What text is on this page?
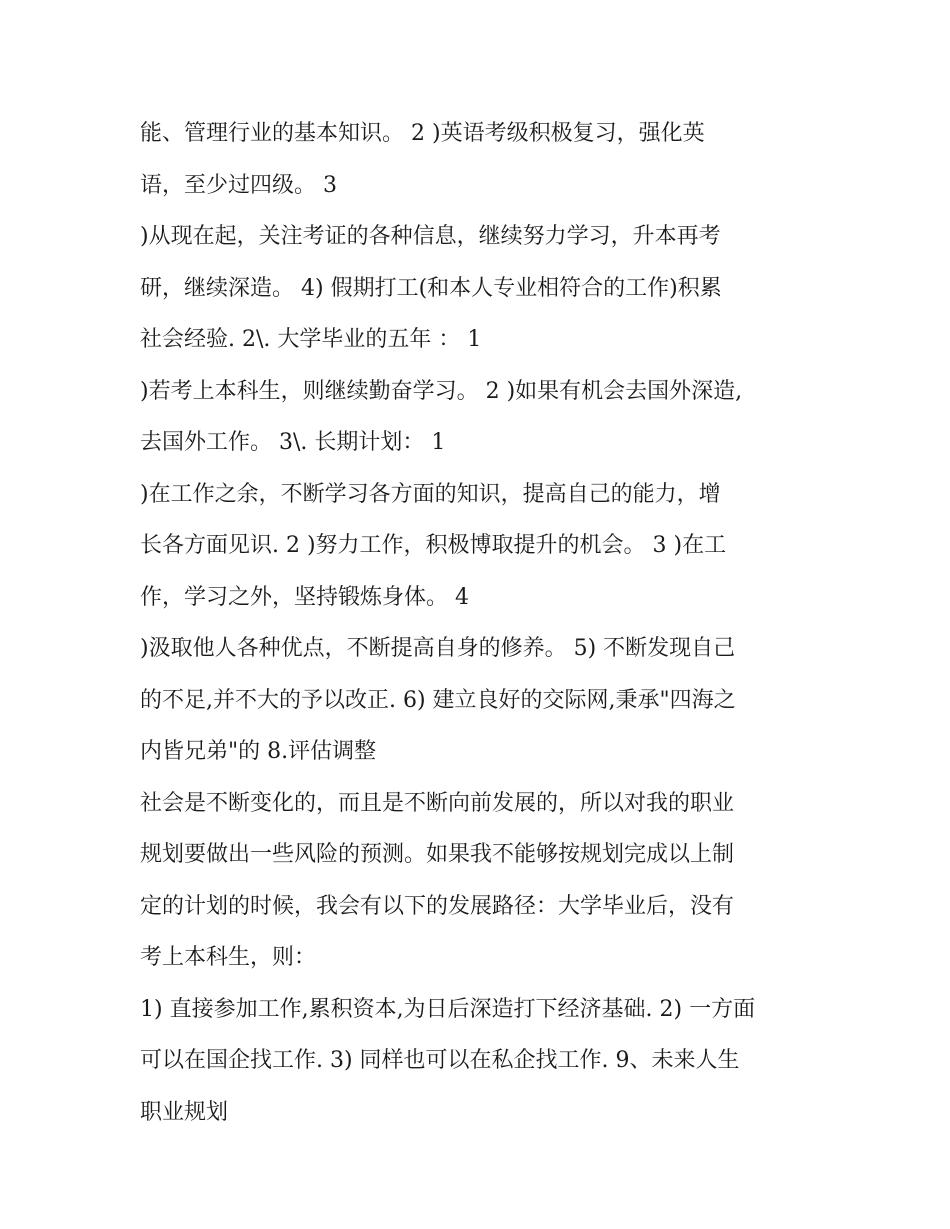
能、管理行业的基本知识。 2 )英语考级积极复习，强化英
语，至少过四级。 3
)从现在起，关注考证的各种信息，继续努力学习，升本再考
研，继续深造。 4) 假期打工(和本人专业相符合的工作)积累
社会经验. 2\. 大学毕业的五年 ： 1
)若考上本科生，则继续勤奋学习。 2 )如果有机会去国外深造,
去国外工作。 3\. 长期计划： 1
)在工作之余，不断学习各方面的知识，提高自己的能力，增
长各方面见识. 2 )努力工作，积极博取提升的机会。 3 )在工
作，学习之外，坚持锻炼身体。 4
)汲取他人各种优点，不断提高自身的修养。 5) 不断发现自己
的不足,并不大的予以改正. 6) 建立良好的交际网,秉承"四海之
内皆兄弟"的 8.评估调整
社会是不断变化的，而且是不断向前发展的，所以对我的职业
规划要做出一些风险的预测。如果我不能够按规划完成以上制
定的计划的时候，我会有以下的发展路径：大学毕业后，没有
考上本科生，则：
1) 直接参加工作,累积资本,为日后深造打下经济基础. 2) 一方面
可以在国企找工作. 3) 同样也可以在私企找工作. 9、未来人生
职业规划
